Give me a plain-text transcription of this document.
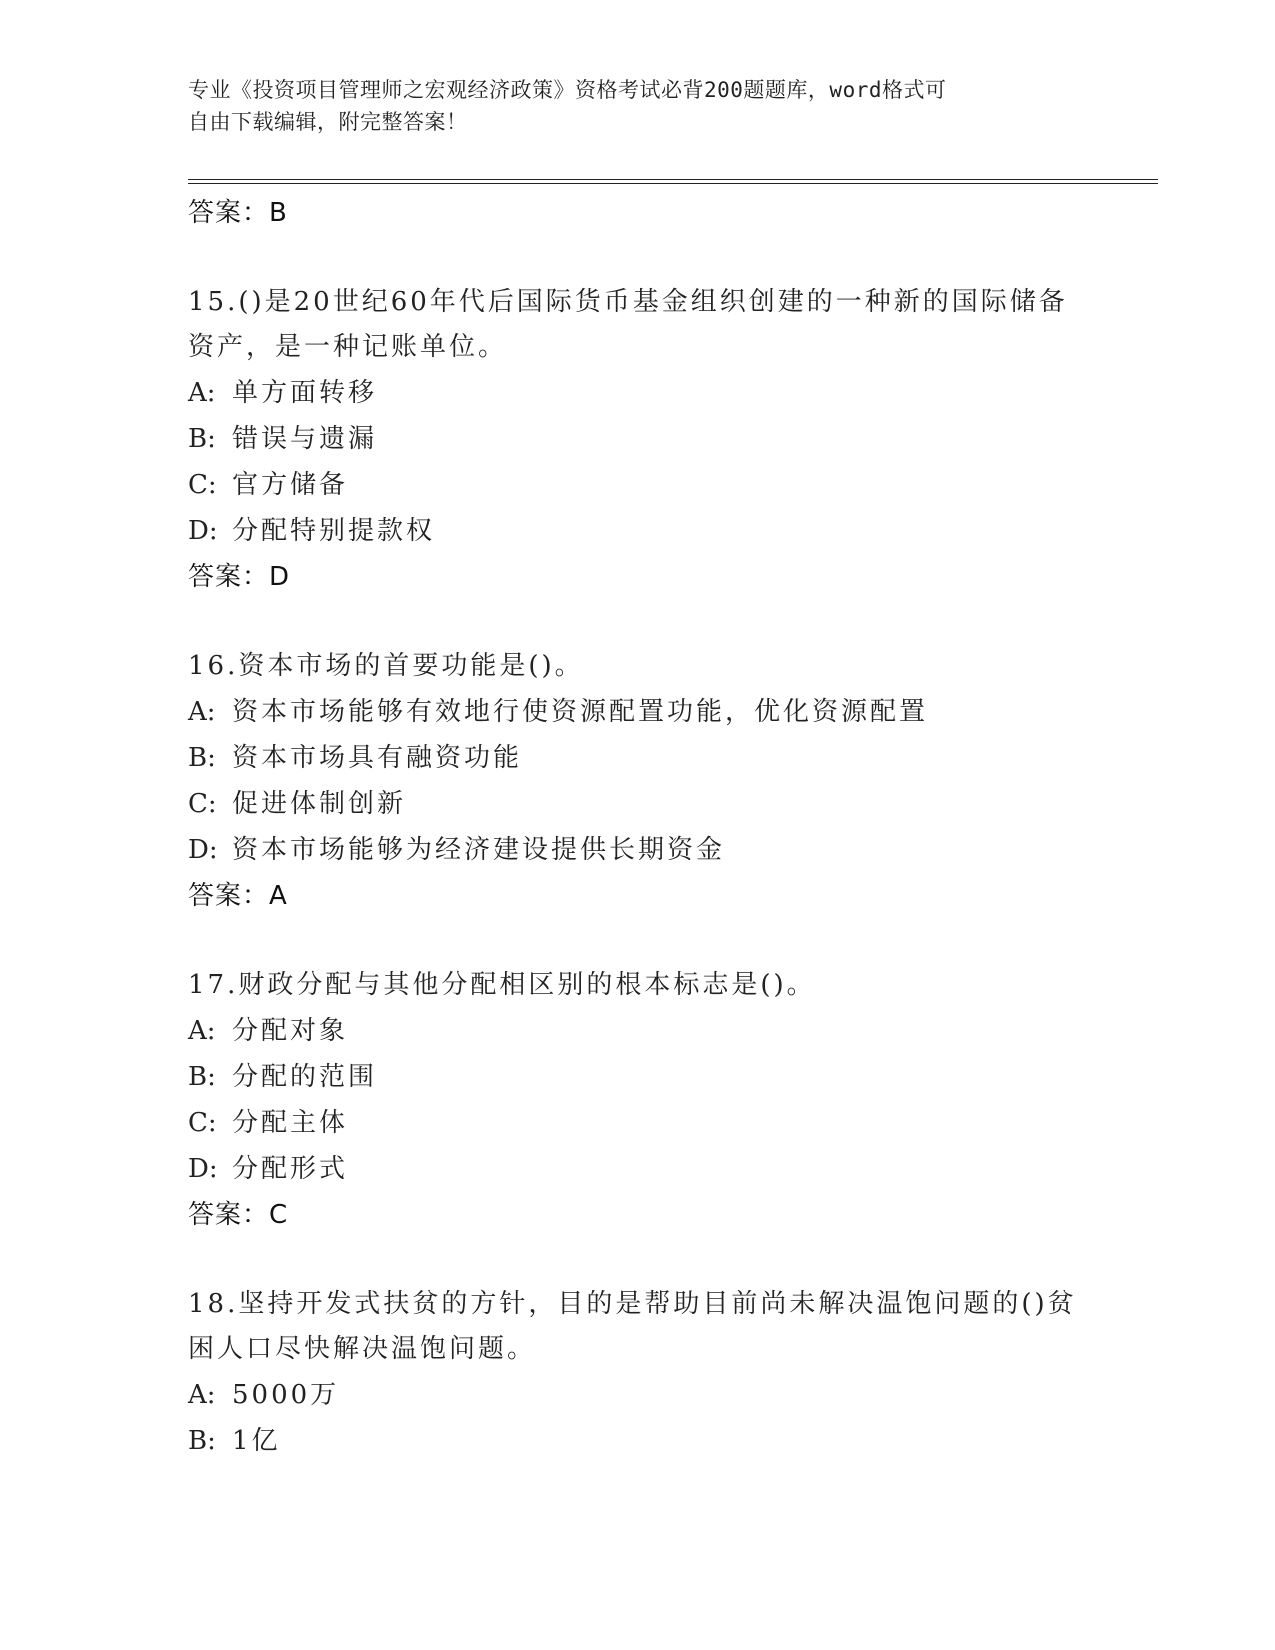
专业《投资项目管理师之宏观经济政策》资格考试必背200题题库，word格式可
自由下载编辑，附完整答案！
答案：B
15.()是20世纪60年代后国际货币基金组织创建的一种新的国际储备资产，是一种记账单位。
A: 单方面转移
B: 错误与遗漏
C: 官方储备
D: 分配特别提款权
答案：D
16.资本市场的首要功能是()。
A: 资本市场能够有效地行使资源配置功能，优化资源配置
B: 资本市场具有融资功能
C: 促进体制创新
D: 资本市场能够为经济建设提供长期资金
答案：A
17.财政分配与其他分配相区别的根本标志是()。
A: 分配对象
B: 分配的范围
C: 分配主体
D: 分配形式
答案：C
18.坚持开发式扶贫的方针，目的是帮助目前尚未解决温饱问题的()贫困人口尽快解决温饱问题。
A: 5000万
B: 1亿
